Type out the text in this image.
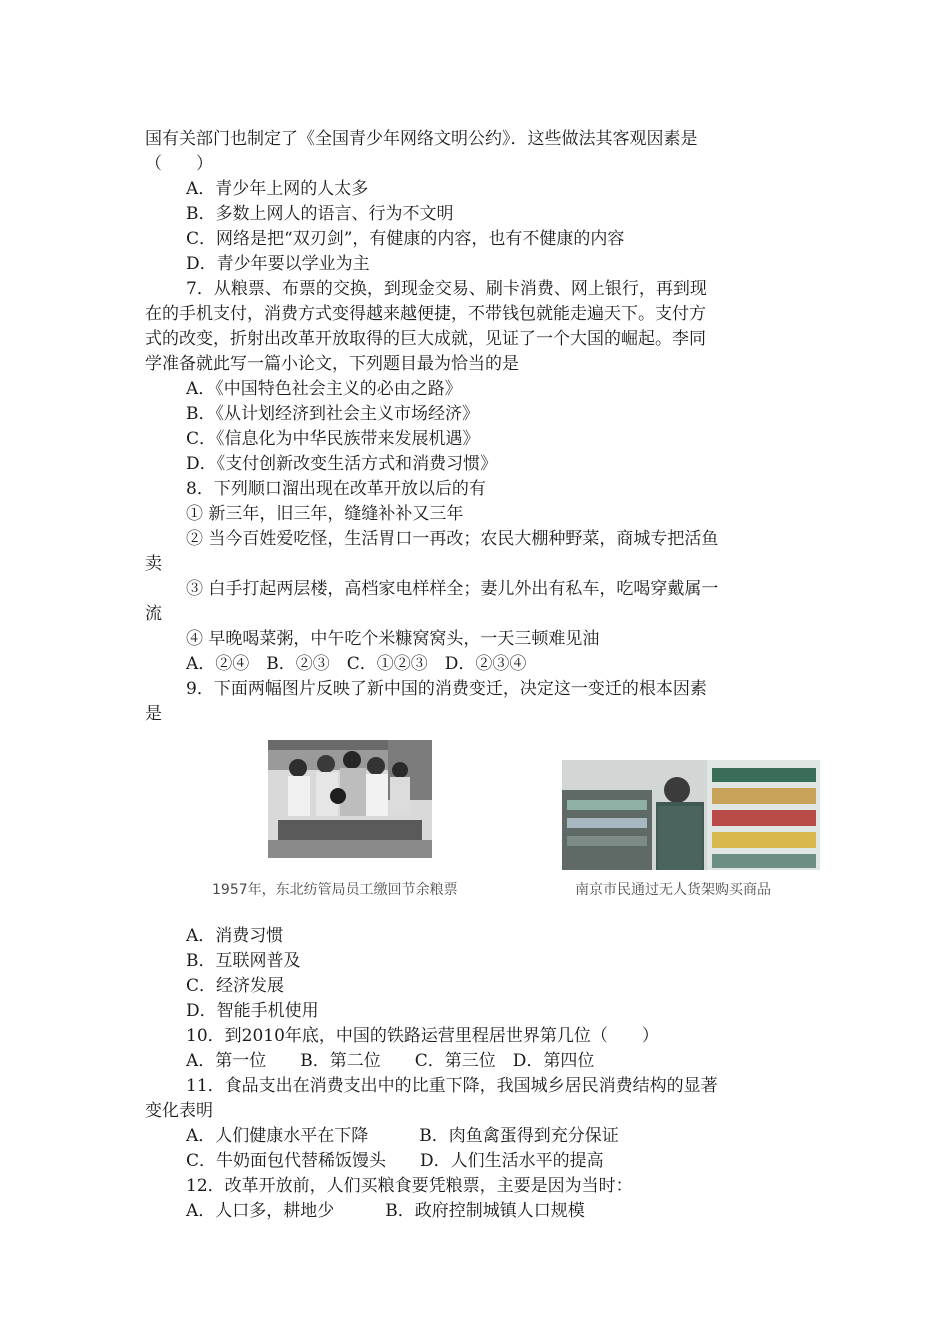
国有关部门也制定了《全国青少年网络文明公约》．这些做法其客观因素是
（　　）
A．青少年上网的人太多
B．多数上网人的语言、行为不文明
C．网络是把“双刃剑”，有健康的内容，也有不健康的内容
D．青少年要以学业为主
7．从粮票、布票的交换，到现金交易、刷卡消费、网上银行，再到现
在的手机支付，消费方式变得越来越便捷，不带钱包就能走遍天下。支付方
式的改变，折射出改革开放取得的巨大成就，见证了一个大国的崛起。李同
学准备就此写一篇小论文，下列题目最为恰当的是
A．《中国特色社会主义的必由之路》
B．《从计划经济到社会主义市场经济》
C．《信息化为中华民族带来发展机遇》
D．《支付创新改变生活方式和消费习惯》
8．下列顺口溜出现在改革开放以后的有
① 新三年，旧三年，缝缝补补又三年
② 当今百姓爱吃怪，生活胃口一再改；农民大棚种野菜，商城专把活鱼
卖
③ 白手打起两层楼，高档家电样样全；妻儿外出有私车，吃喝穿戴属一
流
④ 早晚喝菜粥，中午吃个米糠窝窝头，一天三顿难见油
A．②④　B．②③　C．①②③　D．②③④
9．下面两幅图片反映了新中国的消费变迁，决定这一变迁的根本因素
是
1957年，东北纺管局员工缴回节余粮票	南京市民通过无人货架购买商品
A．消费习惯
B．互联网普及
C．经济发展
D．智能手机使用
10．到2010年底，中国的铁路运营里程居世界第几位（　　）
A．第一位　　B．第二位　　C．第三位　D．第四位
11．食品支出在消费支出中的比重下降，我国城乡居民消费结构的显著
变化表明
A．人们健康水平在下降　　　B．肉鱼禽蛋得到充分保证
C．牛奶面包代替稀饭馒头　　D．人们生活水平的提高
12．改革开放前，人们买粮食要凭粮票，主要是因为当时：
A．人口多，耕地少　　　B．政府控制城镇人口规模
